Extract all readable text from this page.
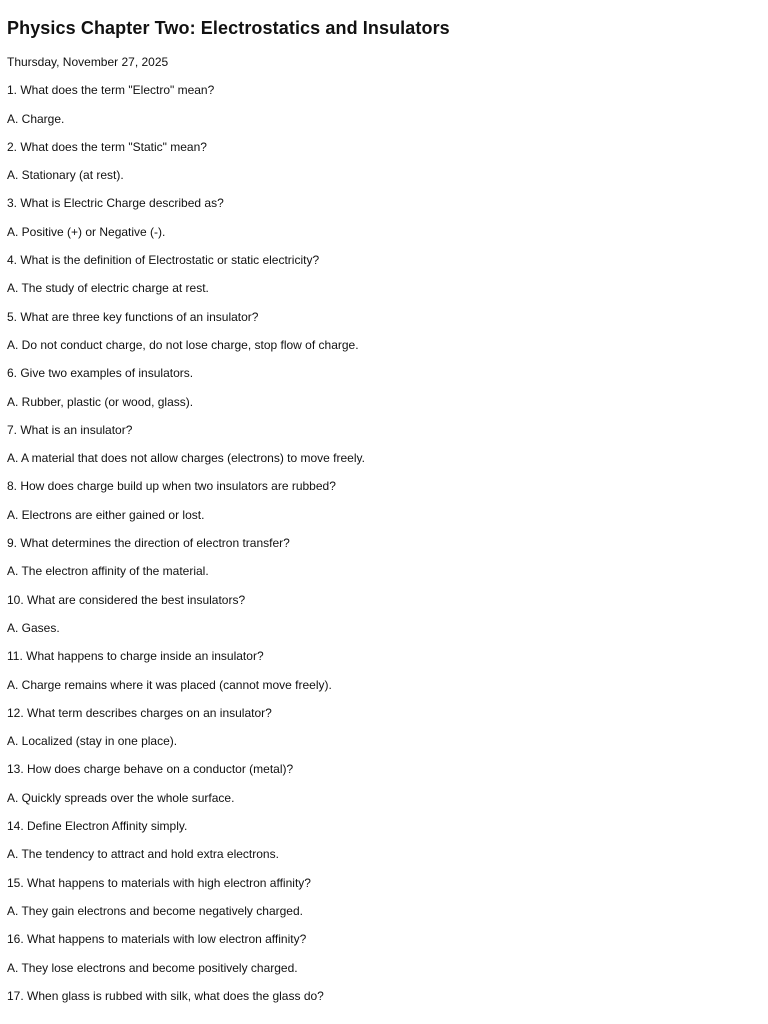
Physics Chapter Two: Electrostatics and Insulators
Thursday, November 27, 2025
1. What does the term "Electro" mean?
A. Charge.
2. What does the term "Static" mean?
A. Stationary (at rest).
3. What is Electric Charge described as?
A. Positive (+) or Negative (-).
4. What is the definition of Electrostatic or static electricity?
A. The study of electric charge at rest.
5. What are three key functions of an insulator?
A. Do not conduct charge, do not lose charge, stop flow of charge.
6. Give two examples of insulators.
A. Rubber, plastic (or wood, glass).
7. What is an insulator?
A. A material that does not allow charges (electrons) to move freely.
8. How does charge build up when two insulators are rubbed?
A. Electrons are either gained or lost.
9. What determines the direction of electron transfer?
A. The electron affinity of the material.
10. What are considered the best insulators?
A. Gases.
11. What happens to charge inside an insulator?
A. Charge remains where it was placed (cannot move freely).
12. What term describes charges on an insulator?
A. Localized (stay in one place).
13. How does charge behave on a conductor (metal)?
A. Quickly spreads over the whole surface.
14. Define Electron Affinity simply.
A. The tendency to attract and hold extra electrons.
15. What happens to materials with high electron affinity?
A. They gain electrons and become negatively charged.
16. What happens to materials with low electron affinity?
A. They lose electrons and become positively charged.
17. When glass is rubbed with silk, what does the glass do?
